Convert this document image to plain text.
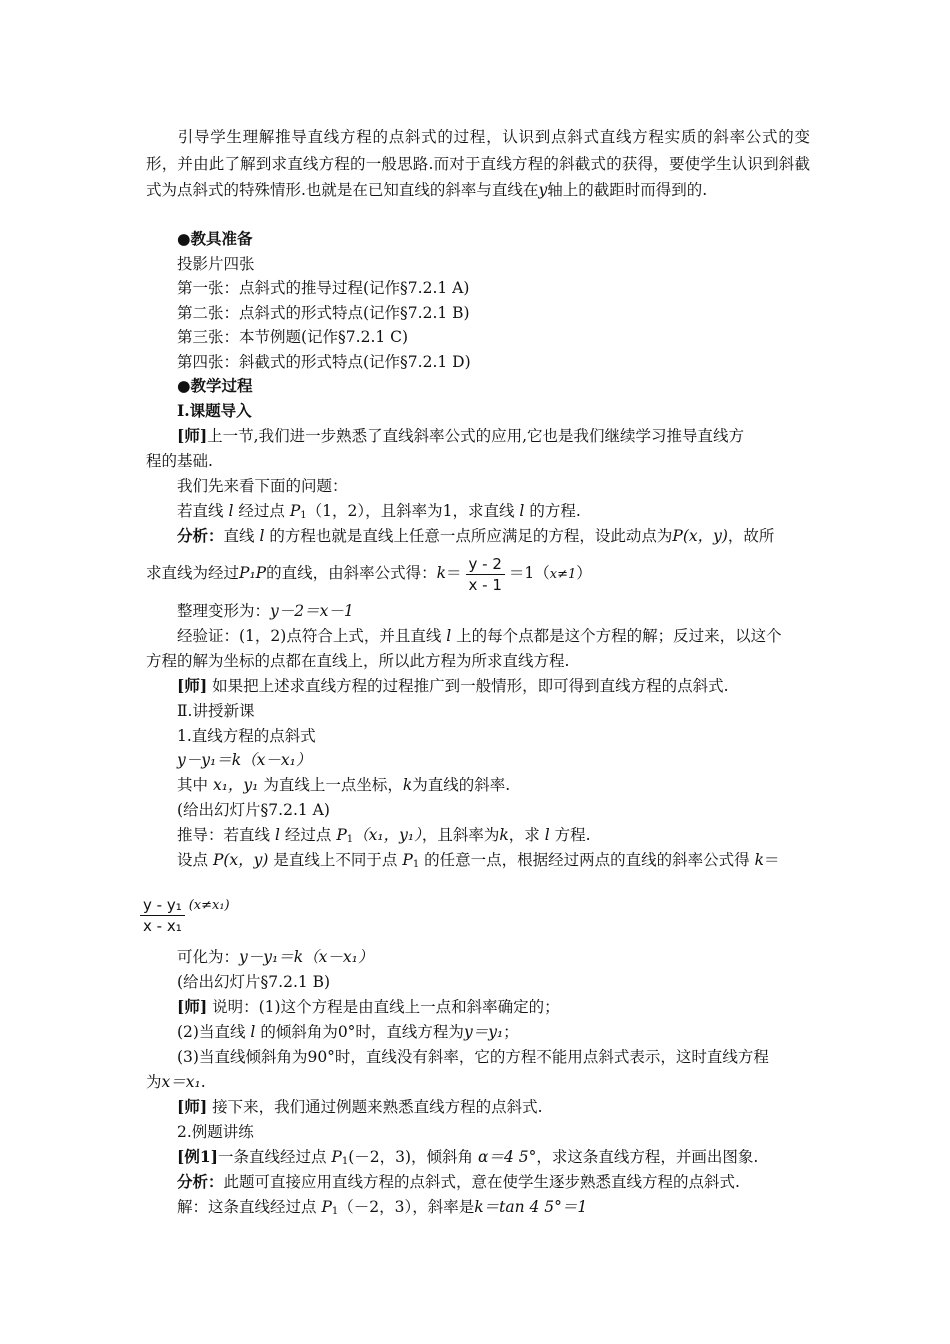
引导学生理解推导直线方程的点斜式的过程，认识到点斜式直线方程实质的斜率公式的变形，并由此了解到求直线方程的一般思路.而对于直线方程的斜截式的获得，要使学生认识到斜截式为点斜式的特殊情形.也就是在已知直线的斜率与直线在y轴上的截距时而得到的.
●教具准备
投影片四张
第一张：点斜式的推导过程(记作§7.2.1 A)
第二张：点斜式的形式特点(记作§7.2.1 B)
第三张：本节例题(记作§7.2.1 C)
第四张：斜截式的形式特点(记作§7.2.1 D)
●教学过程
Ⅰ.课题导入
[师]上一节,我们进一步熟悉了直线斜率公式的应用,它也是我们继续学习推导直线方
程的基础.
我们先来看下面的问题：
若直线 l 经过点 $P_1(1$，2），且斜率为1，求直线 l 的方程.
分析：直线 l 的方程也就是直线上任意一点所应满足的方程，设此动点为P(x，y)，故所
求直线为经过P₁P的直线，由斜率公式得：$k= \frac{y - 2}{x - 1} =1(x\ne 1)$
整理变形为：y－2＝x－1
经验证：(1，2)点符合上式，并且直线 l 上的每个点都是这个方程的解；反过来，以这个
方程的解为坐标的点都在直线上，所以此方程为所求直线方程.
[师] 如果把上述求直线方程的过程推广到一般情形，即可得到直线方程的点斜式.
Ⅱ.讲授新课
1.直线方程的点斜式
y－y₁＝k（x－x₁）
其中 x₁，y₁ 为直线上一点坐标，k为直线的斜率.
(给出幻灯片§7.2.1 A)
推导：若直线 l 经过点 $P_1(x_1$，y₁），且斜率为k，求 l 方程.
设点 P(x，y) 是直线上不同于点 $P_1$ 的任意一点，根据经过两点的直线的斜率公式得 k＝
$\frac{\text{y - y₁}}{\text{x - x₁}} ^{(x\ne x_1)}$
可化为：y－y₁＝k（x－x₁）
(给出幻灯片§7.2.1 B)
[师] 说明：(1)这个方程是由直线上一点和斜率确定的；
(2)当直线 l 的倾斜角为0°时，直线方程为y＝y₁；
(3)当直线倾斜角为90°时，直线没有斜率，它的方程不能用点斜式表示，这时直线方程
为x＝x₁.
[师] 接下来，我们通过例题来熟悉直线方程的点斜式.
2.例题讲练
[例1]一条直线经过点 $P_1(-2$，3)，倾斜角 α＝4 5°，求这条直线方程，并画出图象.
分析：此题可直接应用直线方程的点斜式，意在使学生逐步熟悉直线方程的点斜式.
解：这条直线经过点 $P_1(-2$，3），斜率是k＝tan 4 5°＝1
